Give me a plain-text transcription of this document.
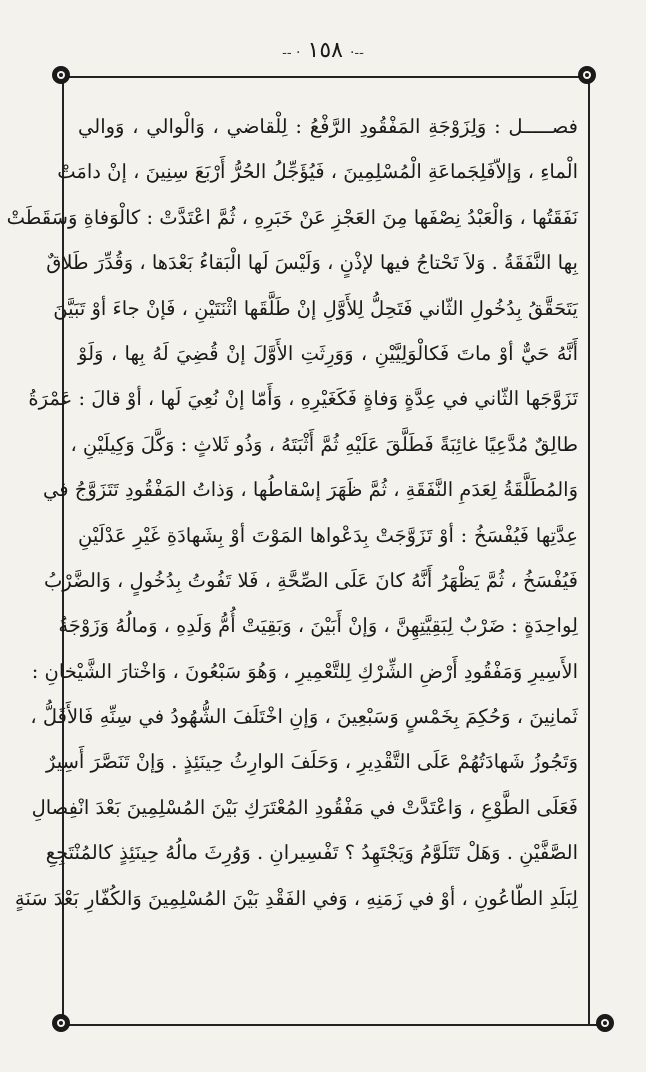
-- · ١٥٨ ·--
فصـــــل : وَلِزَوْجَةِ المَفْقُودِ الرَّفْعُ : لِلْقاضي ، وَالْوالي ، وَوالي
الْماءِ ، وَإلاّفَلِجَماعَةِ الْمُسْلِمِينَ ، فَيُؤَجِّلُ الحُرُّ أَرْبَعَ سِنِينَ ، إنْ دامَتْ
نَفَقَتُها ، وَالْعَبْدُ نِصْفَها مِنَ العَجْزِ عَنْ خَبَرِهِ ، ثُمَّ اعْتَدَّتْ : كالْوَفاةِ وَسَقَطَتْ
بِها النَّفَقَةُ . وَلاَ تَحْتاجُ فيها لإذْنٍ ، وَلَيْسَ لَها الْبَقاءُ بَعْدَها ، وَقُدِّرَ طَلاقٌ
يَتَحَقَّقُ بِدُخُولِ الثّاني فَتَحِلُّ لِلأَوَّلِ إنْ طَلَّقَها اثْنَتَيْنِ ، فَإنْ جاءَ أوْ تَبَيَّنَ
أَنَّهُ حَيٌّ أوْ ماتَ فَكالْوَلِيَّيْنِ ، وَوَرِثَتِ الأَوَّلَ إنْ قُضِيَ لَهُ بِها ، وَلَوْ
تَزَوَّجَها الثّاني في عِدَّةٍ وَفاةٍ فَكَغَيْرِهِ ، وَأَمّا إنْ نُعِيَ لَها ، أوْ قالَ : عَمْرَةُ
طالِقٌ مُدَّعِيًا غائِبَةً فَطَلَّقَ عَلَيْهِ ثُمَّ أَثْبَتَهُ ، وَذُو ثَلاثٍ : وَكَّلَ وَكِيلَيْنِ ،
وَالمُطَلَّقَةُ لِعَدَمِ النَّفَقَةِ ، ثُمَّ ظَهَرَ إسْقاطُها ، وَذاتُ المَفْقُودِ تَتَزَوَّجُ في
عِدَّتِها فَيُفْسَخُ : أوْ تَزَوَّجَتْ بِدَعْواها المَوْتَ أوْ بِشَهادَةِ غَيْرِ عَدْلَيْنِ
فَيُفْسَخُ ، ثُمَّ يَظْهَرُ أَنَّهُ كانَ عَلَى الصِّحَّةِ ، فَلا تَفُوتُ بِدُخُولٍ ، وَالضَّرْبُ
لِواحِدَةٍ : ضَرْبٌ لِبَقِيَّتِهِنَّ ، وَإنْ أَبَيْنَ ، وَبَقِيَتْ أُمُّ وَلَدِهِ ، وَمالُهُ وَزَوْجَةُ
الأَسِيرِ وَمَفْقُودِ أَرْضِ الشِّرْكِ لِلتَّعْمِيرِ ، وَهُوَ سَبْعُونَ ، وَاخْتارَ الشَّيْخانِ :
ثَمانِينَ ، وَحُكِمَ بِخَمْسٍ وَسَبْعِينَ ، وَإنِ اخْتَلَفَ الشُّهُودُ في سِنِّهِ فَالأَقَلُّ ،
وَتَجُوزُ شَهادَتُهُمْ عَلَى التَّقْدِيرِ ، وَحَلَفَ الوارِثُ حِينَئِذٍ . وَإنْ تَنَصَّرَ أَسِيرٌ
فَعَلَى الطَّوْعِ ، وَاعْتَدَّتْ في مَفْقُودِ المُعْتَرَكِ بَيْنَ المُسْلِمِينَ بَعْدَ انْفِصالِ
الصَّفَّيْنِ . وَهَلْ تَتَلَوَّمُ وَيَجْتَهِدُ ؟ تَفْسِيرانِ . وَوُرِثَ مالُهُ حِينَئِذٍ كالمُنْتَجِعِ
لِبَلَدِ الطّاعُونِ ، أوْ في زَمَنِهِ ، وَفي الفَقْدِ بَيْنَ المُسْلِمِينَ وَالكُفّارِ بَعْدَ سَنَةٍ
